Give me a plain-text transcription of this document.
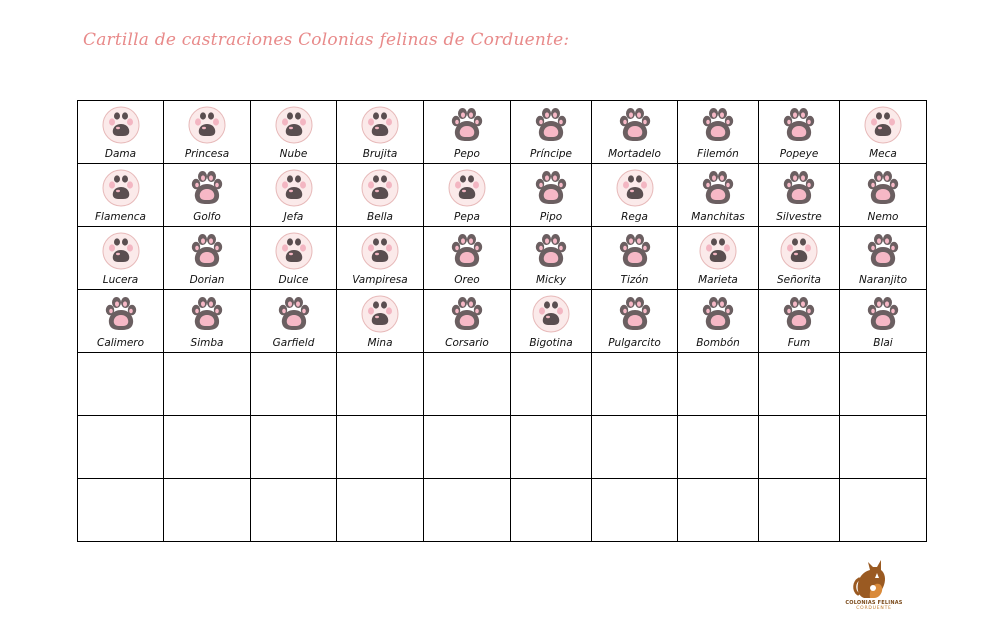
Cartilla de castraciones Colonias felinas de Corduente:
Dama	Princesa	Nube	Brujita	Pepo	Príncipe	Mortadelo	Filemón	Popeye	Meca

Flamenca	Golfo	Jefa	Bella	Pepa	Pipo	Rega	Manchitas	Silvestre	Nemo

Lucera	Dorian	Dulce	Vampiresa	Oreo	Micky	Tizón	Marieta	Señorita	Naranjito

Calimero	Simba	Garfield	Mina	Corsario	Bigotina	Pulgarcito	Bombón	Fum	Blai

COLONIAS FELINAS
CORDUENTE
